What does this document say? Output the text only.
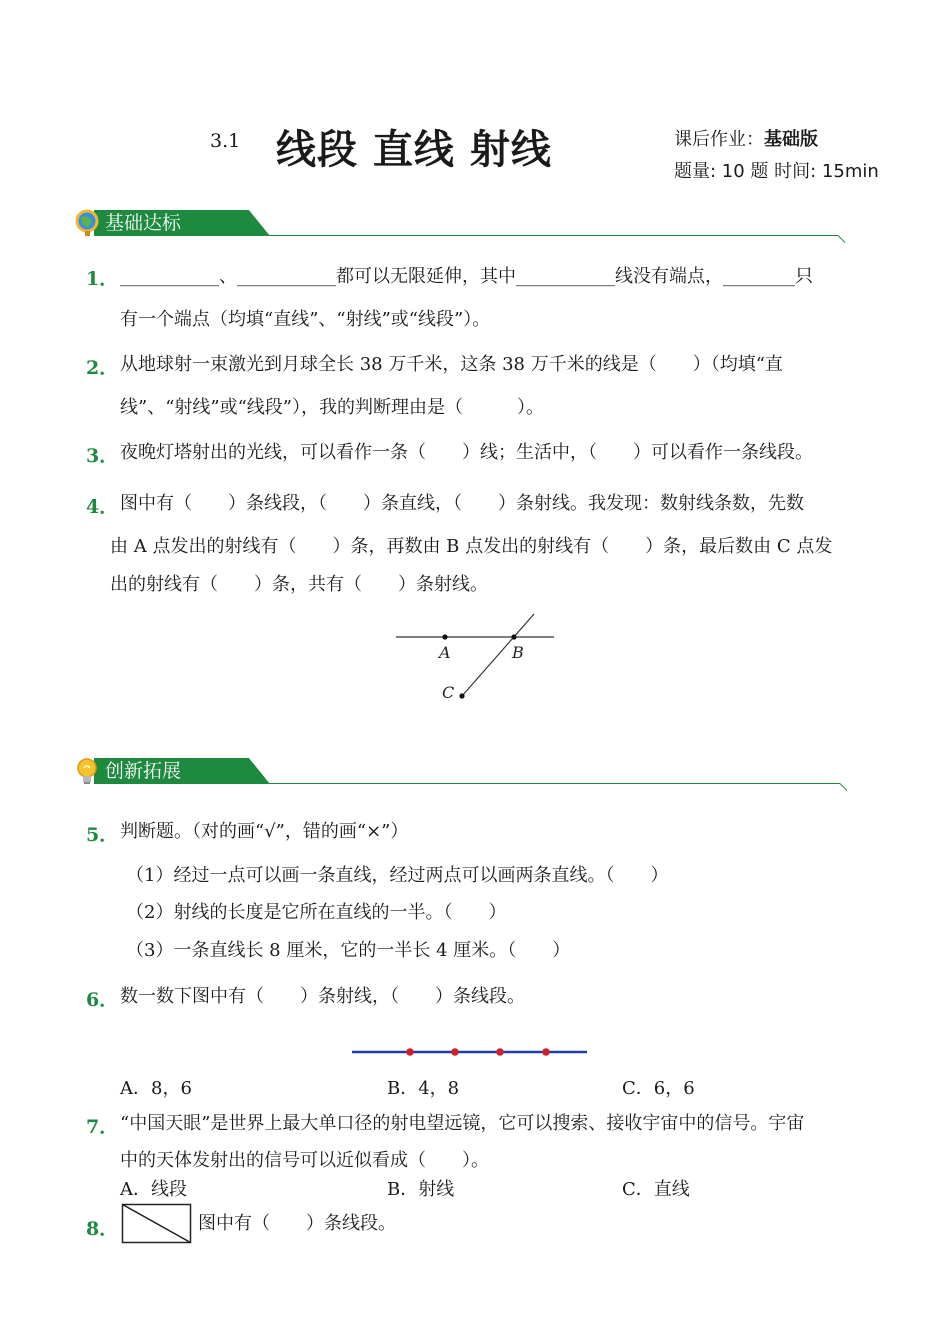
3.1 线段 直线 射线	课后作业：基础版
题量: 10 题 时间: 15min
基础达标
1． ___________、___________都可以无限延伸，其中___________线没有端点，________只
有一个端点（均填“直线”、“射线”或“线段”）。
2． 从地球射一束激光到月球全长 38 万千米，这条 38 万千米的线是（　　）（均填“直
线”、“射线”或“线段”），我的判断理由是（　　　）。
3． 夜晚灯塔射出的光线，可以看作一条（　　）线；生活中，（　　）可以看作一条线段。
4． 图中有（　　）条线段，（　　）条直线，（　　）条射线。我发现：数射线条数，先数
由 A 点发出的射线有（　　）条，再数由 B 点发出的射线有（　　）条，最后数由 C 点发
出的射线有（　　）条，共有（　　）条射线。
A	B
C
创新拓展
5． 判断题。（对的画“√”，错的画“×”）
（1）经过一点可以画一条直线，经过两点可以画两条直线。（　　）
（2）射线的长度是它所在直线的一半。（　　）
（3）一条直线长 8 厘米，它的一半长 4 厘米。（　　）
6． 数一数下图中有（　　）条射线，（　　）条线段。
A．8，6	B．4，8	C．6，6
7． “中国天眼”是世界上最大单口径的射电望远镜，它可以搜索、接收宇宙中的信号。宇宙
中的天体发射出的信号可以近似看成（　　）。
A．线段	B．射线	C．直线
8．	图中有（　　）条线段。
